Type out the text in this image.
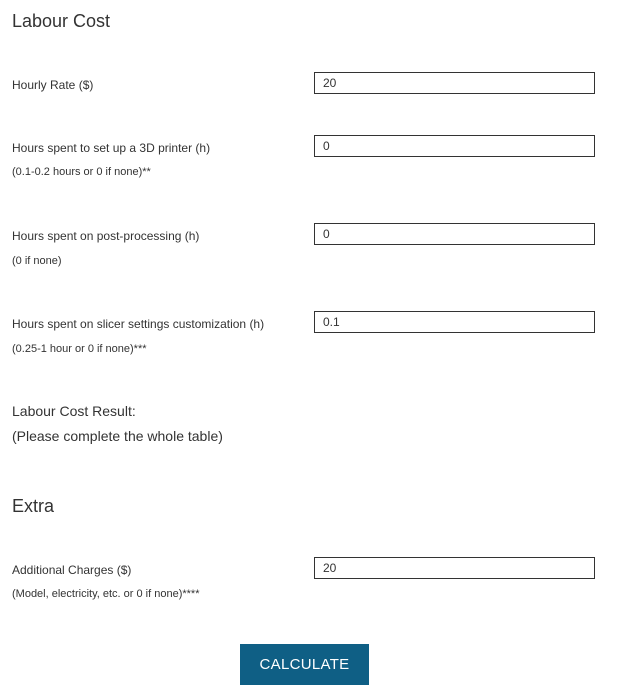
Labour Cost
Hourly Rate ($)
20
Hours spent to set up a 3D printer (h)
(0.1-0.2 hours or 0 if none)**
0
Hours spent on post-processing (h)
(0 if none)
0
Hours spent on slicer settings customization (h)
(0.25-1 hour or 0 if none)***
0.1
Labour Cost Result:
(Please complete the whole table)
Extra
Additional Charges ($)
(Model, electricity, etc. or 0 if none)****
20
CALCULATE
